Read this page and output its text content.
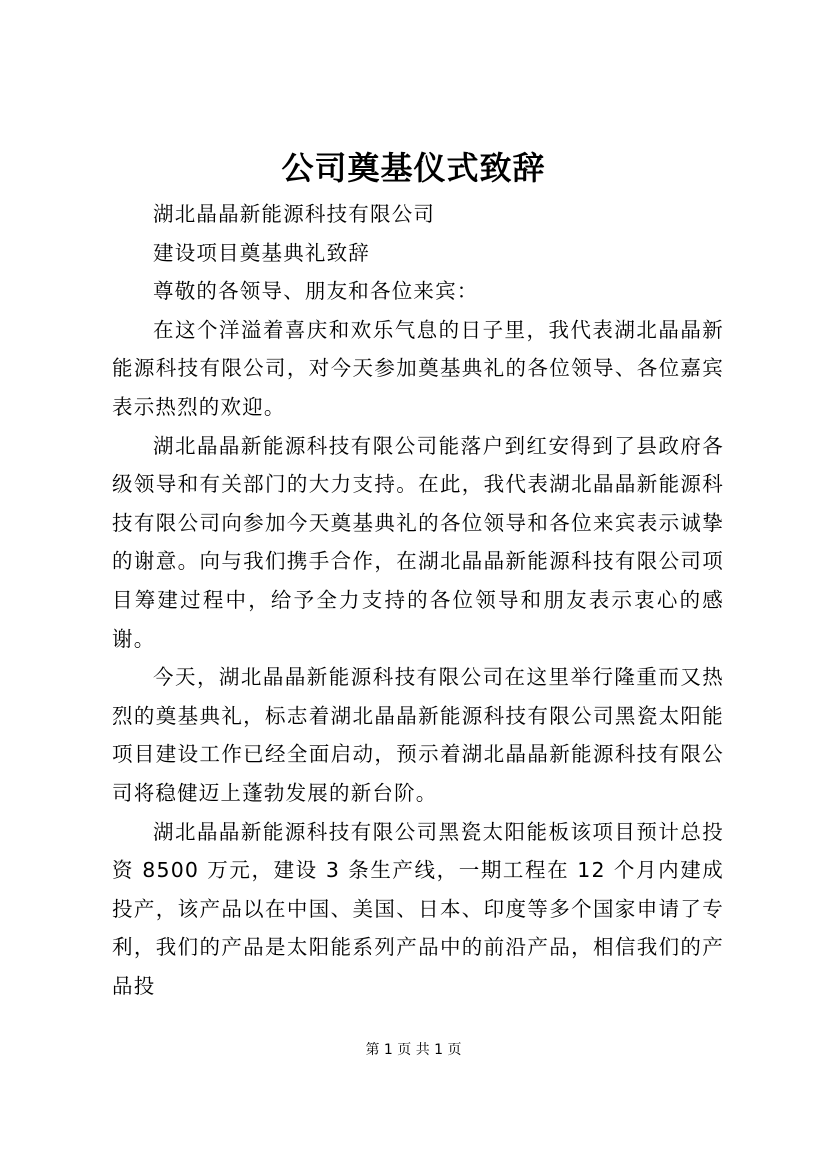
公司奠基仪式致辞

湖北晶晶新能源科技有限公司

建设项目奠基典礼致辞

尊敬的各领导、朋友和各位来宾：

在这个洋溢着喜庆和欢乐气息的日子里，我代表湖北晶晶新能源科技有限公司，对今天参加奠基典礼的各位领导、各位嘉宾表示热烈的欢迎。

湖北晶晶新能源科技有限公司能落户到红安得到了县政府各级领导和有关部门的大力支持。在此，我代表湖北晶晶新能源科技有限公司向参加今天奠基典礼的各位领导和各位来宾表示诚挚的谢意。向与我们携手合作，在湖北晶晶新能源科技有限公司项目筹建过程中，给予全力支持的各位领导和朋友表示衷心的感谢。

今天，湖北晶晶新能源科技有限公司在这里举行隆重而又热烈的奠基典礼，标志着湖北晶晶新能源科技有限公司黑瓷太阳能项目建设工作已经全面启动，预示着湖北晶晶新能源科技有限公司将稳健迈上蓬勃发展的新台阶。

湖北晶晶新能源科技有限公司黑瓷太阳能板该项目预计总投资 8500 万元，建设 3 条生产线，一期工程在 12 个月内建成投产，该产品以在中国、美国、日本、印度等多个国家申请了专利，我们的产品是太阳能系列产品中的前沿产品，相信我们的产品投

第 1 页 共 1 页
